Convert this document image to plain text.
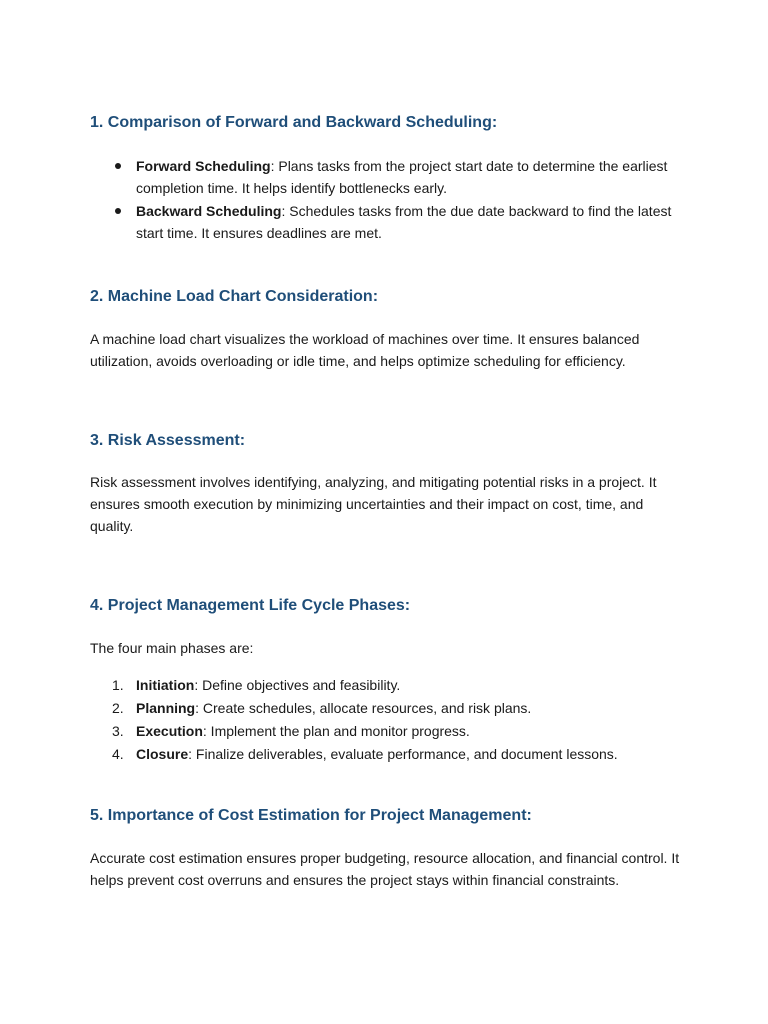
1. Comparison of Forward and Backward Scheduling:
Forward Scheduling: Plans tasks from the project start date to determine the earliest completion time. It helps identify bottlenecks early.
Backward Scheduling: Schedules tasks from the due date backward to find the latest start time. It ensures deadlines are met.
2. Machine Load Chart Consideration:

A machine load chart visualizes the workload of machines over time. It ensures balanced utilization, avoids overloading or idle time, and helps optimize scheduling for efficiency.

3. Risk Assessment:

Risk assessment involves identifying, analyzing, and mitigating potential risks in a project. It ensures smooth execution by minimizing uncertainties and their impact on cost, time, and quality.

4. Project Management Life Cycle Phases:

The four main phases are:

1. Initiation: Define objectives and feasibility.
2. Planning: Create schedules, allocate resources, and risk plans.
3. Execution: Implement the plan and monitor progress.
4. Closure: Finalize deliverables, evaluate performance, and document lessons.
5. Importance of Cost Estimation for Project Management:

Accurate cost estimation ensures proper budgeting, resource allocation, and financial control. It helps prevent cost overruns and ensures the project stays within financial constraints.
